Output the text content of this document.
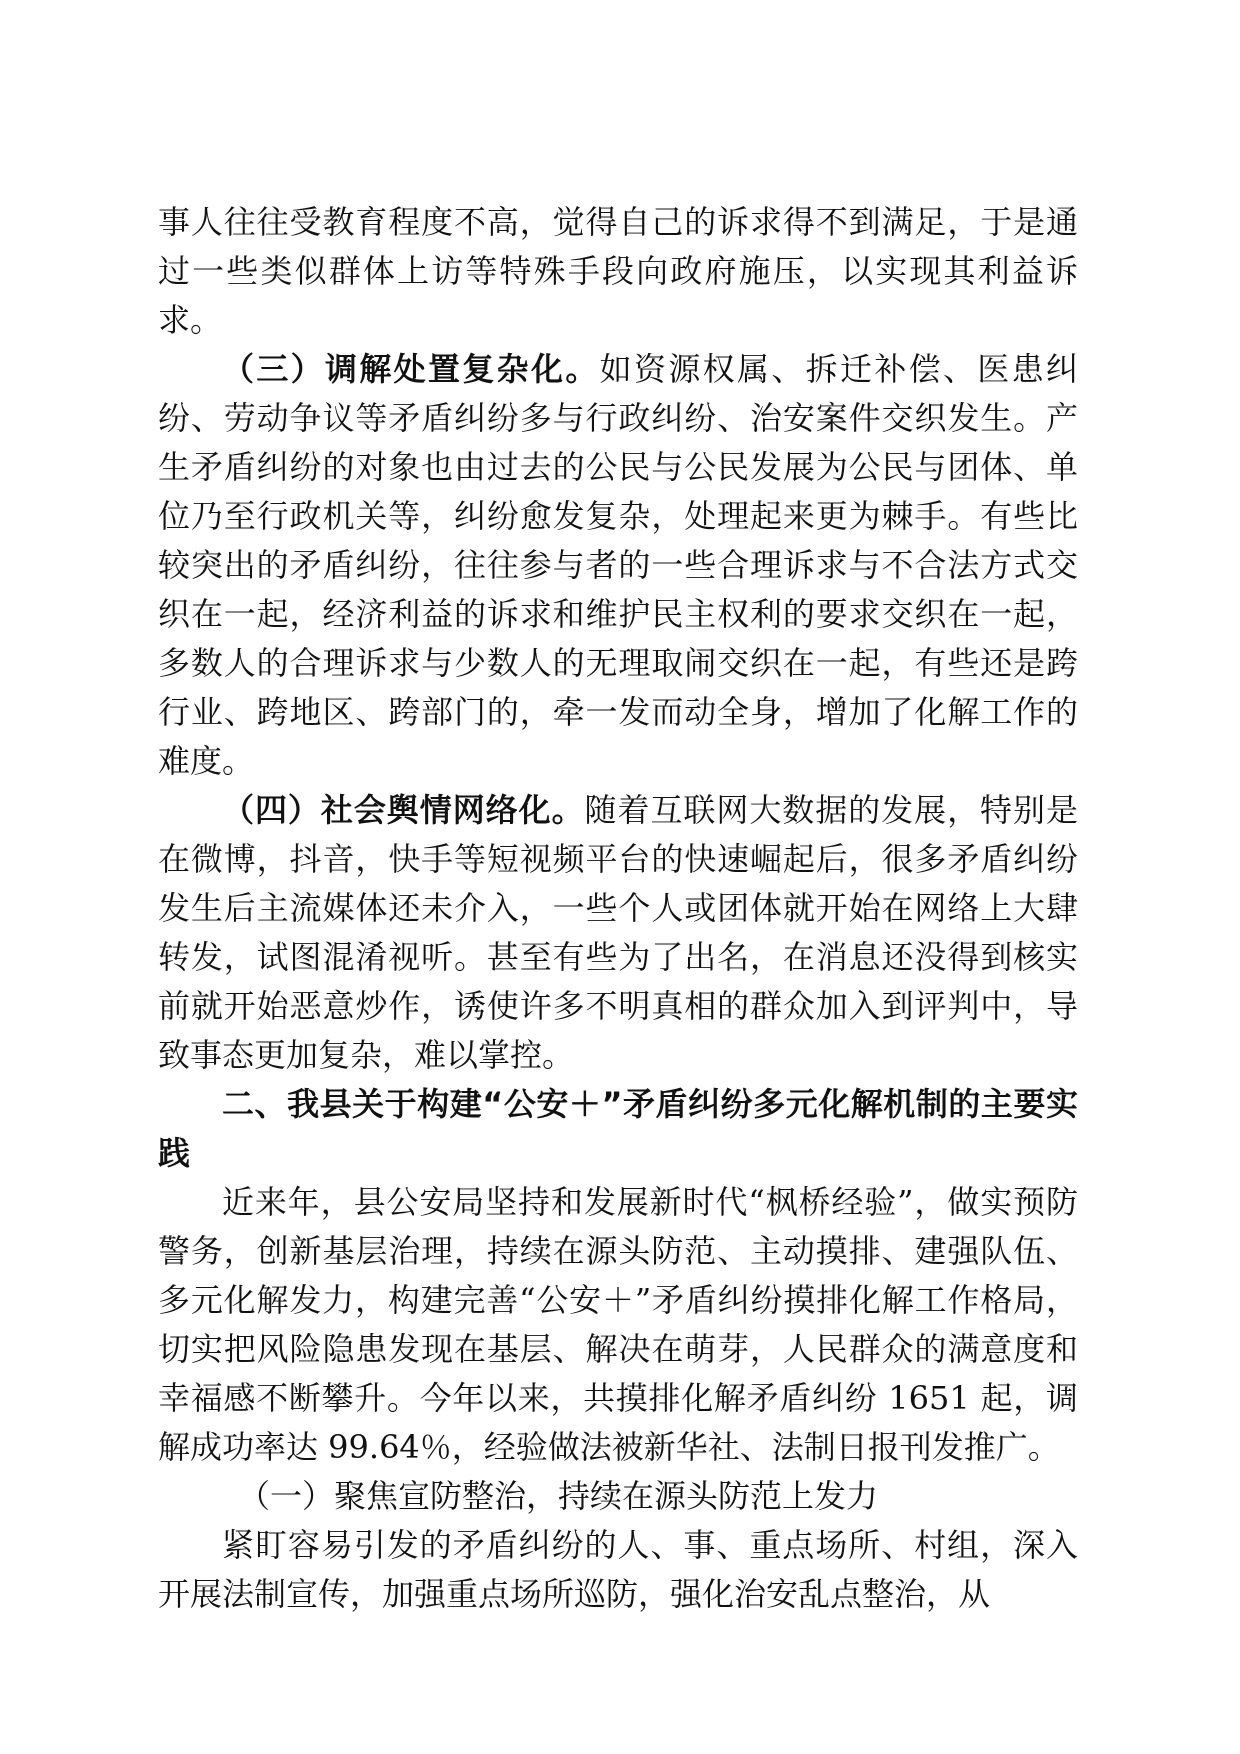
事人往往受教育程度不高，觉得自己的诉求得不到满足，于是通过一些类似群体上访等特殊手段向政府施压，以实现其利益诉求。

（三）调解处置复杂化。如资源权属、拆迁补偿、医患纠纷、劳动争议等矛盾纠纷多与行政纠纷、治安案件交织发生。产生矛盾纠纷的对象也由过去的公民与公民发展为公民与团体、单位乃至行政机关等，纠纷愈发复杂，处理起来更为棘手。有些比较突出的矛盾纠纷，往往参与者的一些合理诉求与不合法方式交织在一起，经济利益的诉求和维护民主权利的要求交织在一起，多数人的合理诉求与少数人的无理取闹交织在一起，有些还是跨行业、跨地区、跨部门的，牵一发而动全身，增加了化解工作的难度。

（四）社会舆情网络化。随着互联网大数据的发展，特别是在微博，抖音，快手等短视频平台的快速崛起后，很多矛盾纠纷发生后主流媒体还未介入，一些个人或团体就开始在网络上大肆转发，试图混淆视听。甚至有些为了出名，在消息还没得到核实前就开始恶意炒作，诱使许多不明真相的群众加入到评判中，导致事态更加复杂，难以掌控。

二、我县关于构建“公安＋”矛盾纠纷多元化解机制的主要实践

近来年，县公安局坚持和发展新时代“枫桥经验”，做实预防警务，创新基层治理，持续在源头防范、主动摸排、建强队伍、多元化解发力，构建完善“公安＋”矛盾纠纷摸排化解工作格局，切实把风险隐患发现在基层、解决在萌芽，人民群众的满意度和幸福感不断攀升。今年以来，共摸排化解矛盾纠纷 1651 起，调解成功率达 99.64％，经验做法被新华社、法制日报刊发推广。

（一）聚焦宣防整治，持续在源头防范上发力

紧盯容易引发的矛盾纠纷的人、事、重点场所、村组，深入开展法制宣传，加强重点场所巡防，强化治安乱点整治，从
